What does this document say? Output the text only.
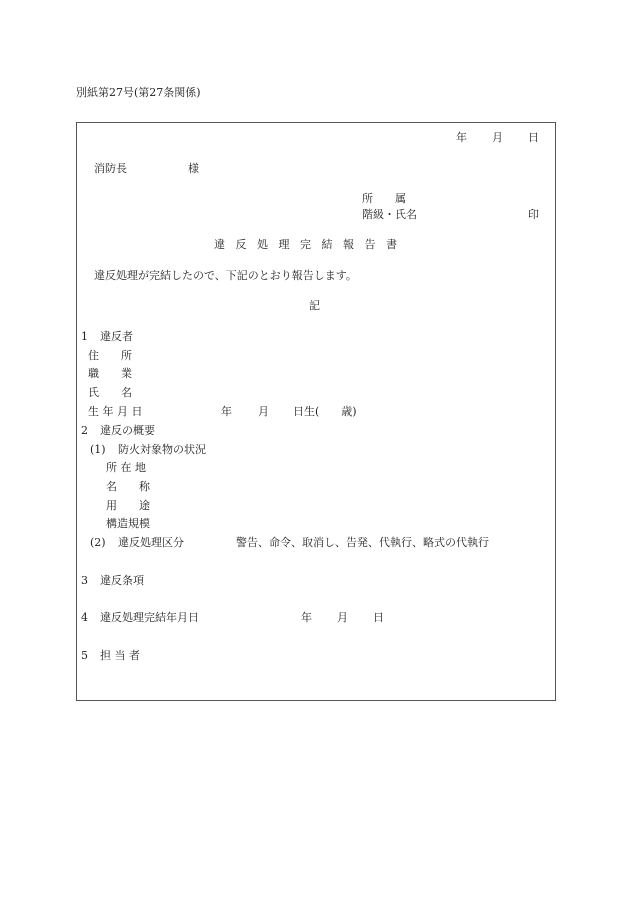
別紙第27号(第27条関係)
年 月 日
消防長	様
所　　属
階級・氏名	印
違 反 処 理 完 結 報 告 書
違反処理が完結したので、下記のとおり報告します。
記
1 違反者
住　　所
職　　業
氏　　名
生 年 月 日	年 月 日生(　　歳)
2 違反の概要
(1) 防火対象物の状況
所 在 地
名　　称
用　　途
構造規模
(2) 違反処理区分	警告、命令、取消し、告発、代執行、略式の代執行
3 違反条項
4 違反処理完結年月日	年 月 日
5 担 当 者
